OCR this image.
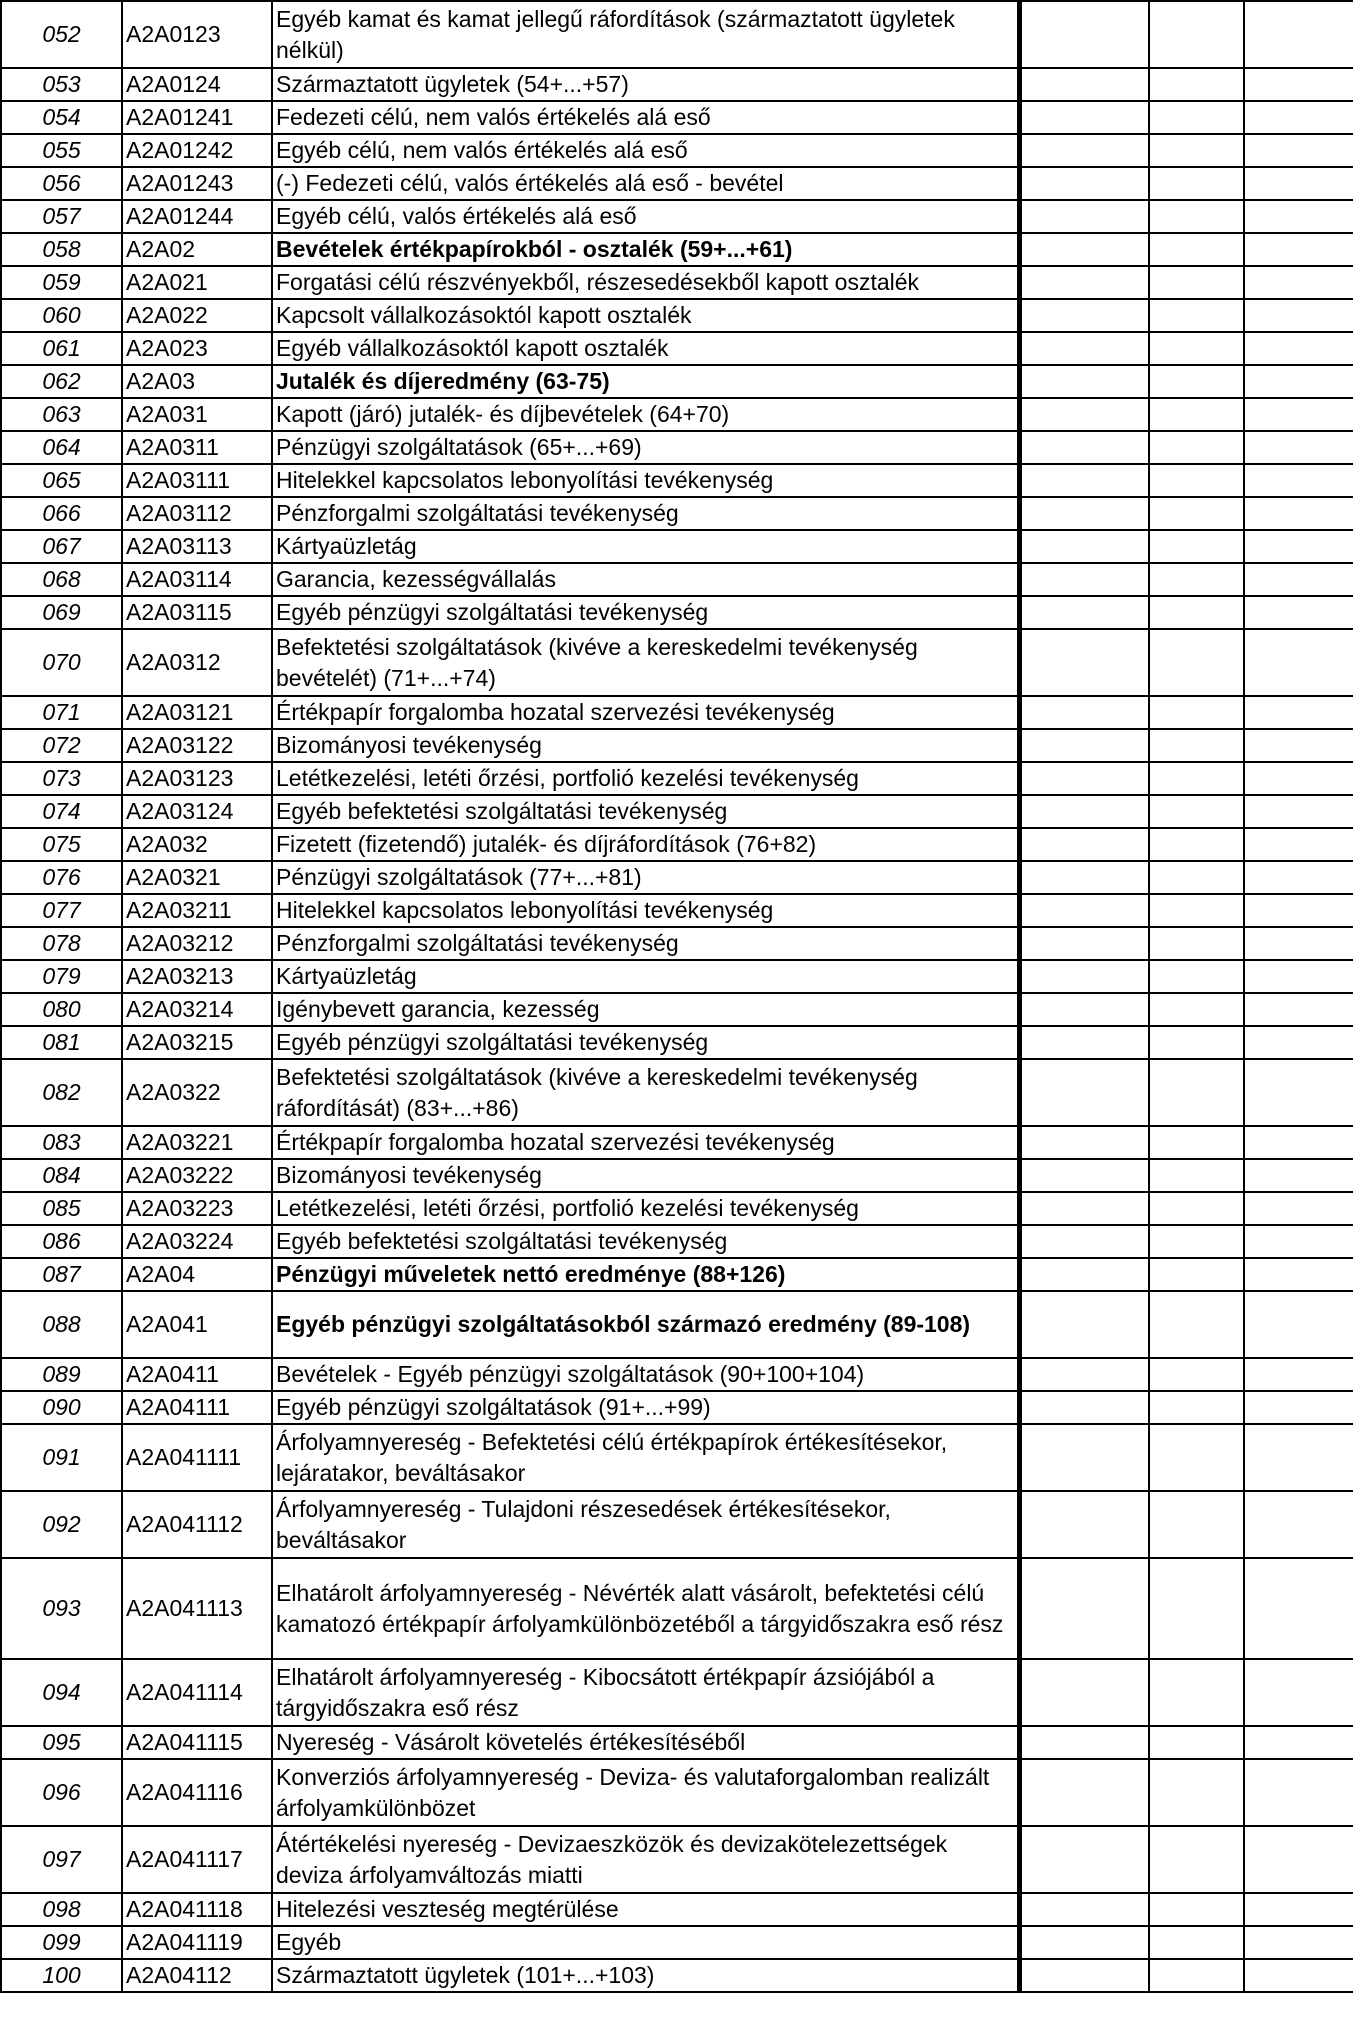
052	A2A0123	Egyéb kamat és kamat jellegű ráfordítások (származtatott ügyletek nélkül)			
053	A2A0124	Származtatott ügyletek (54+...+57)			
054	A2A01241	Fedezeti célú, nem valós értékelés alá eső			
055	A2A01242	Egyéb célú, nem valós értékelés alá eső			
056	A2A01243	(-) Fedezeti célú, valós értékelés alá eső - bevétel			
057	A2A01244	Egyéb célú, valós értékelés alá eső			
058	A2A02	Bevételek értékpapírokból - osztalék (59+...+61)			
059	A2A021	Forgatási célú részvényekből, részesedésekből kapott osztalék			
060	A2A022	Kapcsolt vállalkozásoktól kapott osztalék			
061	A2A023	Egyéb vállalkozásoktól kapott osztalék			
062	A2A03	Jutalék és díjeredmény (63-75)			
063	A2A031	Kapott (járó) jutalék- és díjbevételek (64+70)			
064	A2A0311	Pénzügyi szolgáltatások (65+...+69)			
065	A2A03111	Hitelekkel kapcsolatos lebonyolítási tevékenység			
066	A2A03112	Pénzforgalmi szolgáltatási tevékenység			
067	A2A03113	Kártyaüzletág			
068	A2A03114	Garancia, kezességvállalás			
069	A2A03115	Egyéb pénzügyi szolgáltatási tevékenység			
070	A2A0312	Befektetési szolgáltatások (kivéve a kereskedelmi tevékenység bevételét) (71+...+74)			
071	A2A03121	Értékpapír forgalomba hozatal szervezési tevékenység			
072	A2A03122	Bizományosi tevékenység			
073	A2A03123	Letétkezelési, letéti őrzési, portfolió kezelési tevékenység			
074	A2A03124	Egyéb befektetési szolgáltatási tevékenység			
075	A2A032	Fizetett (fizetendő) jutalék- és díjráfordítások (76+82)			
076	A2A0321	Pénzügyi szolgáltatások (77+...+81)			
077	A2A03211	Hitelekkel kapcsolatos lebonyolítási tevékenység			
078	A2A03212	Pénzforgalmi szolgáltatási tevékenység			
079	A2A03213	Kártyaüzletág			
080	A2A03214	Igénybevett garancia, kezesség			
081	A2A03215	Egyéb pénzügyi szolgáltatási tevékenység			
082	A2A0322	Befektetési szolgáltatások (kivéve a kereskedelmi tevékenység ráfordítását) (83+...+86)			
083	A2A03221	Értékpapír forgalomba hozatal szervezési tevékenység			
084	A2A03222	Bizományosi tevékenység			
085	A2A03223	Letétkezelési, letéti őrzési, portfolió kezelési tevékenység			
086	A2A03224	Egyéb befektetési szolgáltatási tevékenység			
087	A2A04	Pénzügyi műveletek nettó eredménye (88+126)			
088	A2A041	Egyéb pénzügyi szolgáltatásokból származó eredmény (89-108)			
089	A2A0411	Bevételek - Egyéb pénzügyi szolgáltatások (90+100+104)			
090	A2A04111	Egyéb pénzügyi szolgáltatások (91+...+99)			
091	A2A041111	Árfolyamnyereség - Befektetési célú értékpapírok értékesítésekor, lejáratakor, beváltásakor			
092	A2A041112	Árfolyamnyereség - Tulajdoni részesedések értékesítésekor, beváltásakor			
093	A2A041113	Elhatárolt árfolyamnyereség - Névérték alatt vásárolt, befektetési célú kamatozó értékpapír árfolyamkülönbözetéből a tárgyidőszakra eső rész			
094	A2A041114	Elhatárolt árfolyamnyereség - Kibocsátott értékpapír ázsiójából a tárgyidőszakra eső rész			
095	A2A041115	Nyereség - Vásárolt követelés értékesítéséből			
096	A2A041116	Konverziós árfolyamnyereség - Deviza- és valutaforgalomban realizált árfolyamkülönbözet			
097	A2A041117	Átértékelési nyereség - Devizaeszközök és devizakötelezettségek deviza árfolyamváltozás miatti			
098	A2A041118	Hitelezési veszteség megtérülése			
099	A2A041119	Egyéb			
100	A2A04112	Származtatott ügyletek (101+...+103)			
